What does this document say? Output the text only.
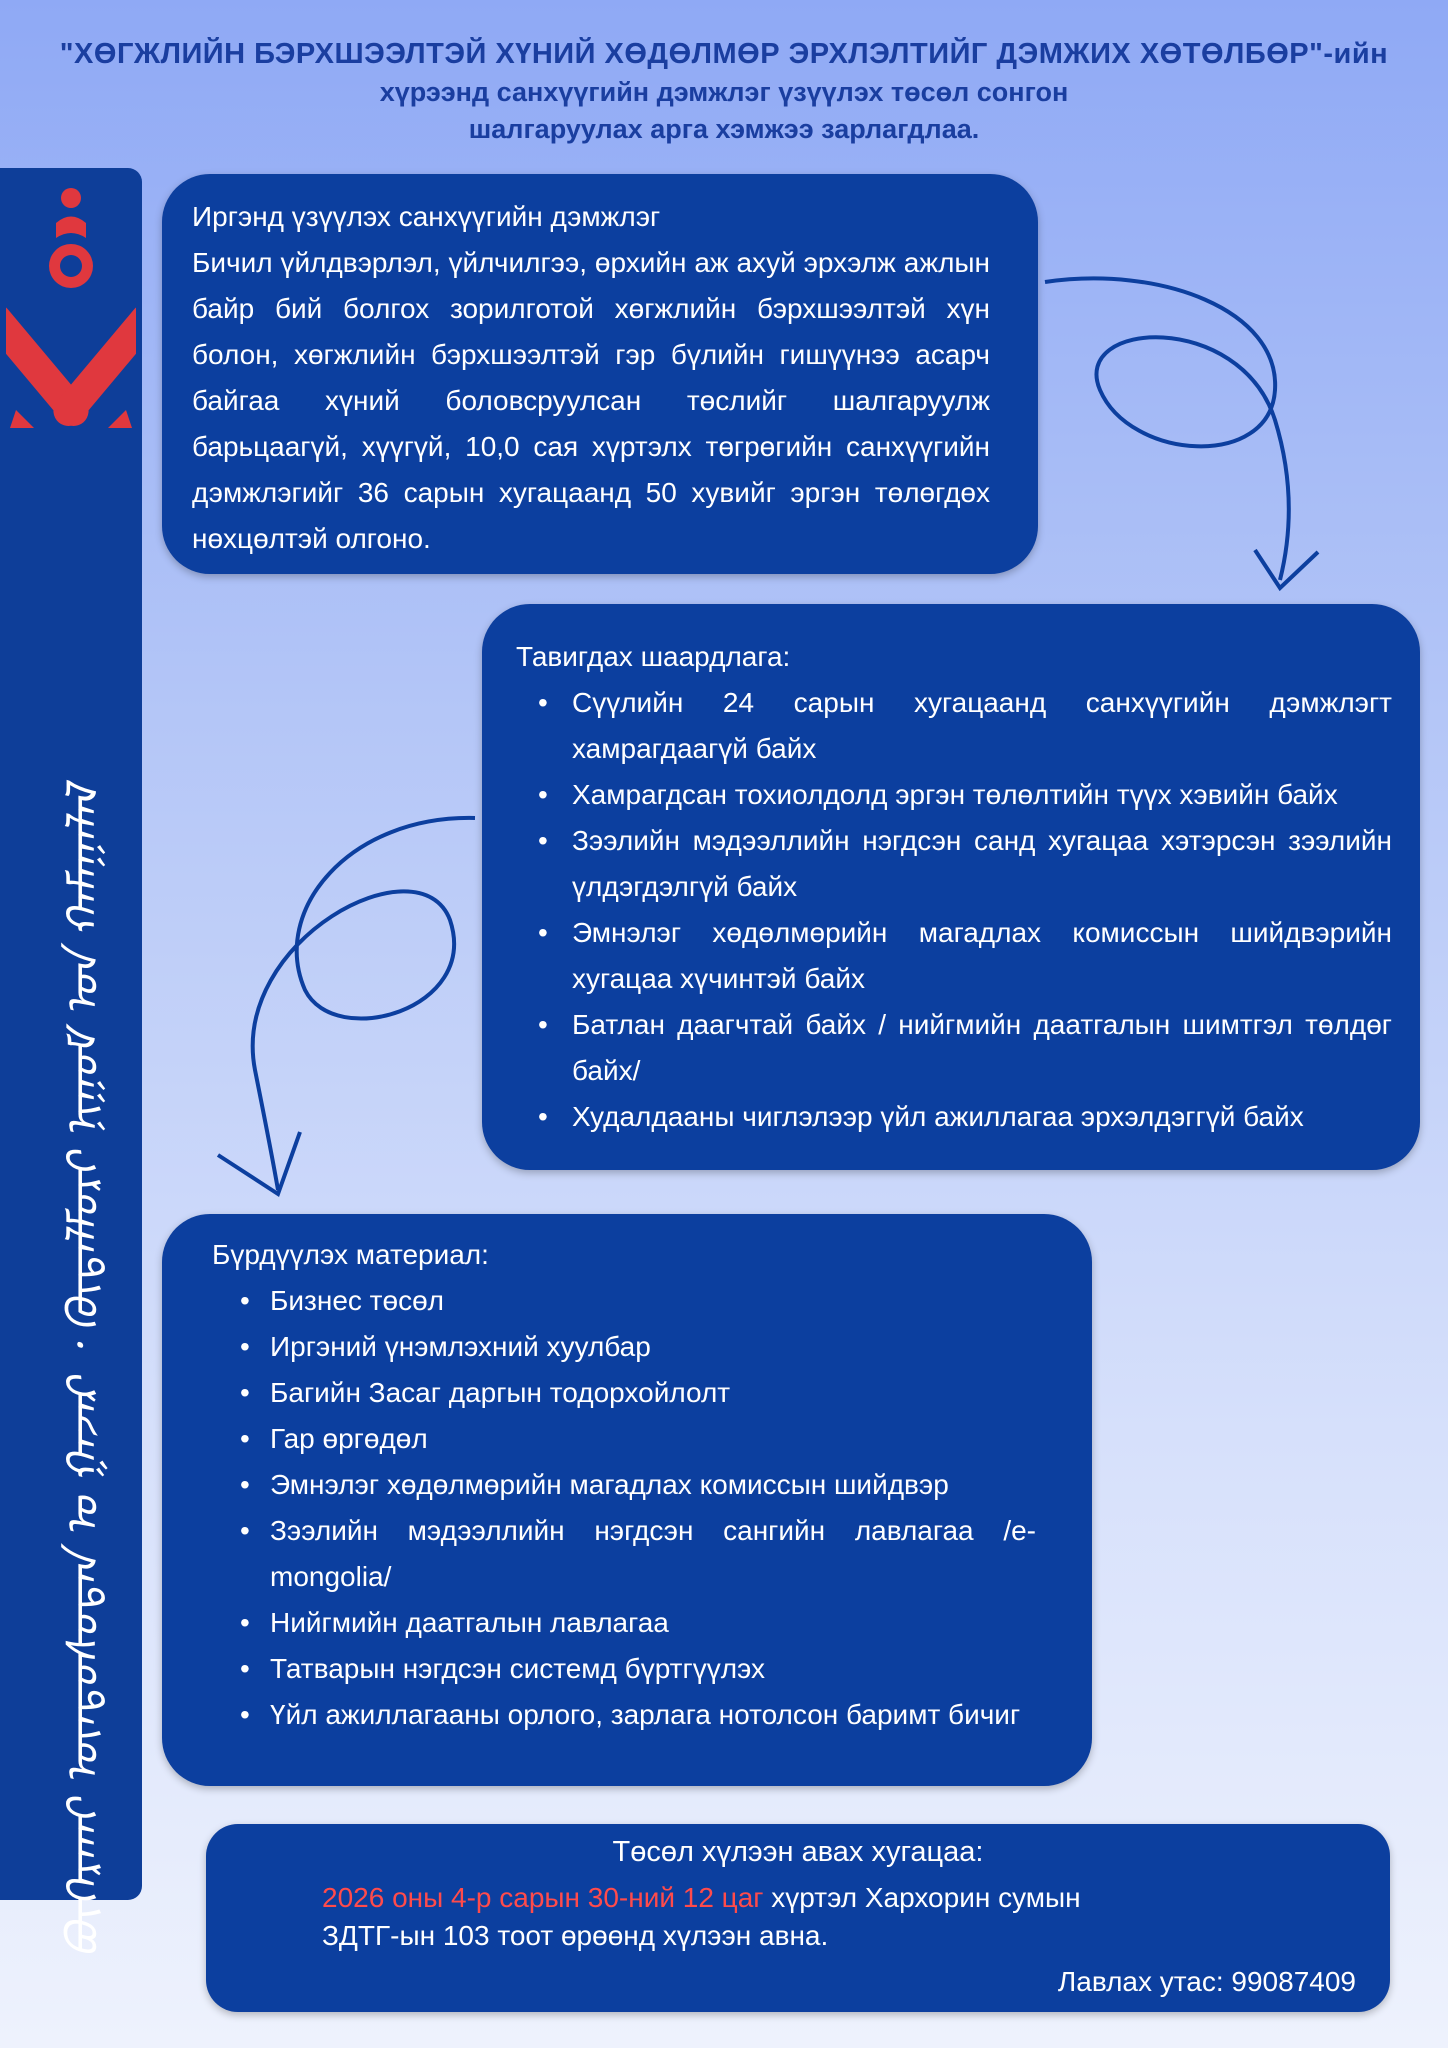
"ХӨГЖЛИЙН БЭРХШЭЭЛТЭЙ ХҮНИЙ ХӨДӨЛМӨР ЭРХЛЭЛТИЙГ ДЭМЖИХ ХӨТӨЛБӨР"-ийн
хүрээнд санхүүгийн дэмжлэг үзүүлэх төсөл сонгон
шалгаруулах арга хэмжээ зарлагдлаа.
ᠪᠥᠭᠡᠷᠬᠠᠢ ᠦᠨᠳᠦᠰᠦᠲᠡᠨ ᠤ ᠭᠠᠵᠠᠷ ᠂ ᠬᠥᠳᠡᠯᠮᠦᠷᠢ ᠨᠢᠭᠤᠮ ᠤᠨ ᠬᠠᠮᠠᠭᠠᠯᠠᠯ
Иргэнд үзүүлэх санхүүгийн дэмжлэг
Бичил үйлдвэрлэл, үйлчилгээ, өрхийн аж ахуй эрхэлж ажлын байр бий болгох зорилготой хөгжлийн бэрхшээлтэй хүн болон, хөгжлийн бэрхшээлтэй гэр бүлийн гишүүнээ асарч байгаа хүний боловсруулсан төслийг шалгаруулж барьцаагүй, хүүгүй, 10,0 сая хүртэлх төгрөгийн санхүүгийн дэмжлэгийг 36 сарын хугацаанд 50 хувийг эргэн төлөгдөх нөхцөлтэй олгоно.
Тавигдах шаардлага:
• Сүүлийн 24 сарын хугацаанд санхүүгийн дэмжлэгт хамрагдаагүй байх
• Хамрагдсан тохиолдолд эргэн төлөлтийн түүх хэвийн байх
• Зээлийн мэдээллийн нэгдсэн санд хугацаа хэтэрсэн зээлийн үлдэгдэлгүй байх
• Эмнэлэг хөдөлмөрийн магадлах комиссын шийдвэрийн хугацаа хүчинтэй байх
• Батлан даагчтай байх / нийгмийн даатгалын шимтгэл төлдөг байх/
• Худалдааны чиглэлээр үйл ажиллагаа эрхэлдэггүй байх
Бүрдүүлэх материал:
• Бизнес төсөл
• Иргэний үнэмлэхний хуулбар
• Багийн Засаг даргын тодорхойлолт
• Гар өргөдөл
• Эмнэлэг хөдөлмөрийн магадлах комиссын шийдвэр
• Зээлийн мэдээллийн нэгдсэн сангийн лавлагаа /e-mongolia/
• Нийгмийн даатгалын лавлагаа
• Татварын нэгдсэн системд бүртгүүлэх
• Үйл ажиллагааны орлого, зарлага нотолсон баримт бичиг
Төсөл хүлээн авах хугацаа:
2026 оны 4-р сарын 30-ний 12 цаг хүртэл Хархорин сумын
ЗДТГ-ын 103 тоот өрөөнд хүлээн авна.
Лавлах утас: 99087409
